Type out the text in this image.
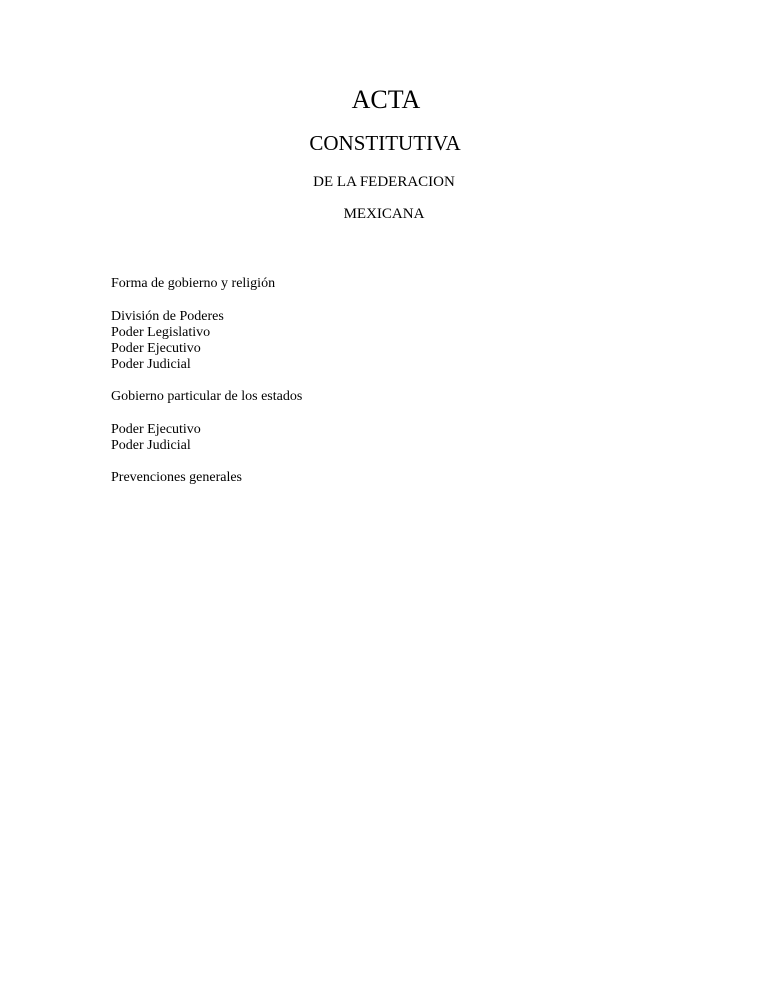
ACTA
CONSTITUTIVA
DE LA FEDERACION
MEXICANA
Forma de gobierno y religión
División de Poderes
Poder Legislativo
Poder Ejecutivo
Poder Judicial
Gobierno particular de los estados
Poder Ejecutivo
Poder Judicial
Prevenciones generales
